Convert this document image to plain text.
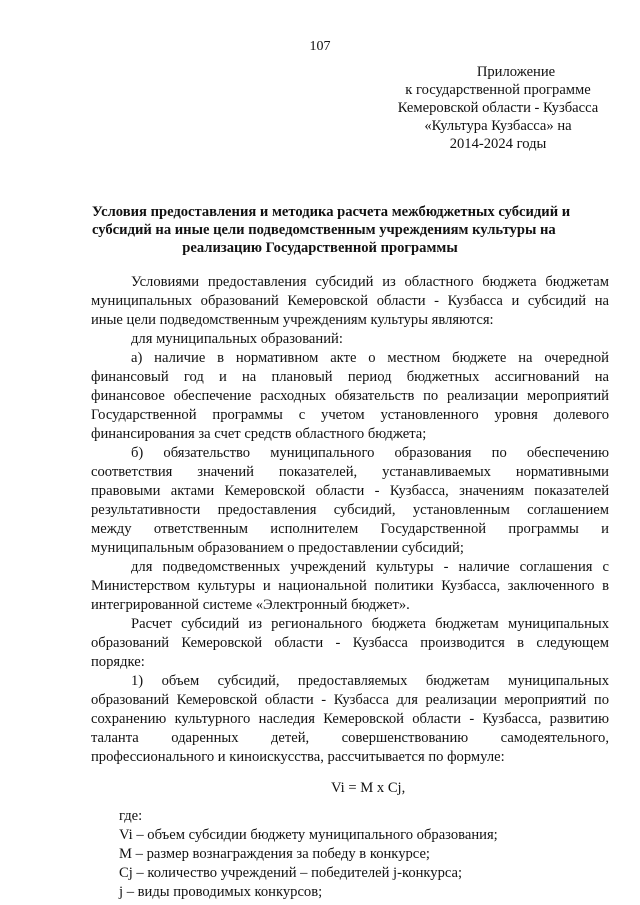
107
Приложение
к государственной программе
Кемеровской области - Кузбасса
«Культура Кузбасса» на
2014-2024 годы
Условия предоставления и методика расчета межбюджетных субсидий и
субсидий на иные цели подведомственным учреждениям культуры на
реализацию Государственной программы
Условиями предоставления субсидий из областного бюджета бюджетам
муниципальных образований Кемеровской области - Кузбасса и субсидий на
иные цели подведомственным учреждениям культуры являются:
для муниципальных образований:
а) наличие в нормативном акте о местном бюджете на очередной
финансовый год и на плановый период бюджетных ассигнований на
финансовое обеспечение расходных обязательств по реализации мероприятий
Государственной программы с учетом установленного уровня долевого
финансирования за счет средств областного бюджета;
б) обязательство муниципального образования по обеспечению
соответствия значений показателей, устанавливаемых нормативными
правовыми актами Кемеровской области - Кузбасса, значениям показателей
результативности предоставления субсидий, установленным соглашением
между ответственным исполнителем Государственной программы и
муниципальным образованием о предоставлении субсидий;
для подведомственных учреждений культуры - наличие соглашения с
Министерством культуры и национальной политики Кузбасса, заключенного в
интегрированной системе «Электронный бюджет».
Расчет субсидий из регионального бюджета бюджетам муниципальных
образований Кемеровской области - Кузбасса производится в следующем
порядке:
1) объем субсидий, предоставляемых бюджетам муниципальных
образований Кемеровской области - Кузбасса для реализации мероприятий по
сохранению культурного наследия Кемеровской области - Кузбасса, развитию
таланта одаренных детей, совершенствованию самодеятельного,
профессионального и киноискусства, рассчитывается по формуле:
Vi = M x Cj,
где:
Vi – объем субсидии бюджету муниципального образования;
M – размер вознаграждения за победу в конкурсе;
Cj – количество учреждений – победителей j-конкурса;
j – виды проводимых конкурсов;
